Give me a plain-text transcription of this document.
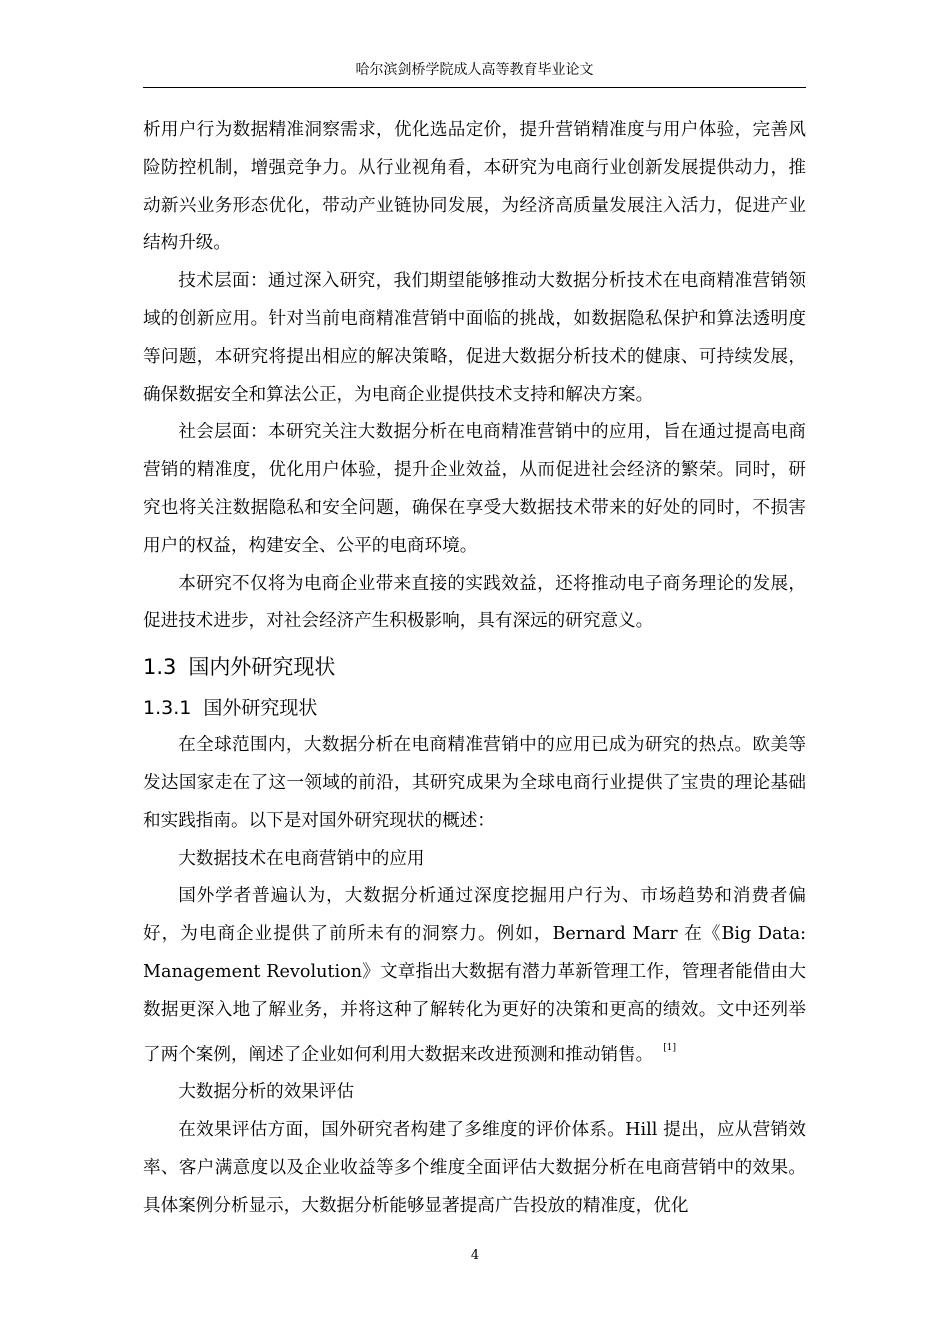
哈尔滨剑桥学院成人高等教育毕业论文

析用户行为数据精准洞察需求，优化选品定价，提升营销精准度与用户体验，完善风险防控机制，增强竞争力。从行业视角看，本研究为电商行业创新发展提供动力，推动新兴业务形态优化，带动产业链协同发展，为经济高质量发展注入活力，促进产业结构升级。

技术层面：通过深入研究，我们期望能够推动大数据分析技术在电商精准营销领域的创新应用。针对当前电商精准营销中面临的挑战，如数据隐私保护和算法透明度等问题，本研究将提出相应的解决策略，促进大数据分析技术的健康、可持续发展，确保数据安全和算法公正，为电商企业提供技术支持和解决方案。

社会层面：本研究关注大数据分析在电商精准营销中的应用，旨在通过提高电商营销的精准度，优化用户体验，提升企业效益，从而促进社会经济的繁荣。同时，研究也将关注数据隐私和安全问题，确保在享受大数据技术带来的好处的同时，不损害用户的权益，构建安全、公平的电商环境。

本研究不仅将为电商企业带来直接的实践效益，还将推动电子商务理论的发展，促进技术进步，对社会经济产生积极影响，具有深远的研究意义。

1.3 国内外研究现状
1.3.1 国外研究现状

在全球范围内，大数据分析在电商精准营销中的应用已成为研究的热点。欧美等发达国家走在了这一领域的前沿，其研究成果为全球电商行业提供了宝贵的理论基础和实践指南。以下是对国外研究现状的概述：

大数据技术在电商营销中的应用

国外学者普遍认为，大数据分析通过深度挖掘用户行为、市场趋势和消费者偏好，为电商企业提供了前所未有的洞察力。例如，Bernard Marr 在《Big Data: Management Revolution》文章指出大数据有潜力革新管理工作，管理者能借由大数据更深入地了解业务，并将这种了解转化为更好的决策和更高的绩效。文中还列举了两个案例，阐述了企业如何利用大数据来改进预测和推动销售。 [1]

大数据分析的效果评估

在效果评估方面，国外研究者构建了多维度的评价体系。Hill 提出，应从营销效率、客户满意度以及企业收益等多个维度全面评估大数据分析在电商营销中的效果。具体案例分析显示，大数据分析能够显著提高广告投放的精准度，优化

4
